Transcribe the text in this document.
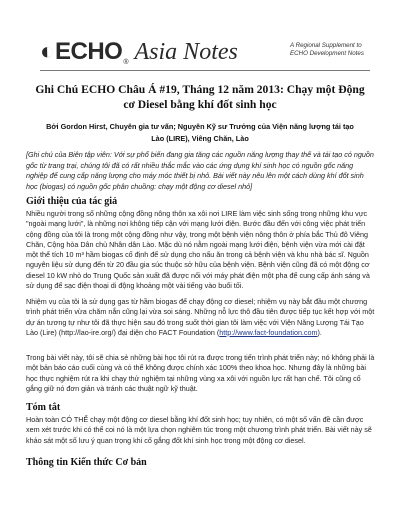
◐ECHO ® Asia Notes	A Regional Supplement to ECHO Development Notes
Ghi Chú ECHO Châu Á #19, Tháng 12 năm 2013: Chạy một Động cơ Diesel bằng khí đốt sinh học
Bởi Gordon Hirst, Chuyên gia tư vấn; Nguyên Kỹ sư Trưởng của Viện năng lượng tái tạo Lào (LIRE), Viêng Chăn, Lào

[Ghi chú của Biên tập viên: Với sự phổ biến đang gia tăng các nguồn năng lượng thay thế và tái tạo có nguồn gốc từ trang trại, chúng tôi đã có rất nhiều thắc mắc vào các ứng dụng khí sinh học có nguồn gốc năng nghiệp để cung cấp năng lượng cho máy móc thiết bị nhỏ. Bài viết này nêu lên một cách dùng khí đốt sinh học (biogas) có nguồn gốc phân chuồng: chạy một động cơ diesel nhỏ]

Giới thiệu của tác giả

Nhiều người trong số những cộng đồng nông thôn xa xôi nơi LIRE làm việc sinh sống trong những khu vực "ngoài mạng lưới", là những nơi không tiếp cận với mạng lưới điện. Bước đầu đến với công việc phát triển cộng đồng của tôi là trong một cộng đồng như vậy, trong một bệnh viện nông thôn ở phía bắc Thủ đô Viêng Chăn, Cộng hòa Dân chủ Nhân dân Lào. Mặc dù nó nằm ngoài mạng lưới điện, bệnh viện vừa mới cài đặt một thể tích 10 m³ hầm biogas cố định để sử dụng cho nấu ăn trong cả bệnh viện và khu nhà bác sĩ. Nguồn nguyên liệu sử dụng đến từ 20 đầu gia súc thuộc sở hữu của bệnh viện. Bệnh viện cũng đã có một động cơ diesel 10 kW nhỏ do Trung Quốc sản xuất đã được nối với máy phát điện một pha để cung cấp ánh sáng và sử dụng để sạc điện thoại di động khoảng một vài tiếng vào buổi tối.

Nhiệm vụ của tôi là sử dụng gas từ hầm biogas để chạy động cơ diesel; nhiệm vụ này bắt đầu một chương trình phát triển vừa chăm nắn cũng lại vừa soi sáng. Những nỗ lực thô đầu tiên được tiếp tục kết hợp với một dự án tương tự như tôi đã thực hiện sau đó trong suốt thời gian tôi làm việc với Viện Năng Lượng Tái Tạo Lào (Lire) (http://lao-ire.org/) đại diện cho FACT Foundation (http://www.fact-foundation.com).

Trong bài viết này, tôi sẽ chia sẻ những bài học tôi rút ra được trong tiến trình phát triển này; nó không phải là một bản báo cáo cuối cùng và có thể không được chính xác 100% theo khoa học. Nhưng đây là những bài học thực nghiệm rút ra khi chạy thử nghiệm tại những vùng xa xôi với nguồn lực rất hạn chế. Tôi cũng cố gắng giữ nó đơn giản và tránh các thuật ngữ kỹ thuật.

Tóm tắt

Hoàn toàn CÓ THỂ chạy một động cơ diesel bằng khí đốt sinh học; tuy nhiên, có một số vấn đề cần được xem xét trước khi có thể coi nó là một lựa chọn nghiêm túc trong một chương trình phát triển. Bài viết này sẽ khảo sát một số lưu ý quan trọng khi cố gắng đốt khí sinh học trong một động cơ diesel.

Thông tin Kiến thức Cơ bản
